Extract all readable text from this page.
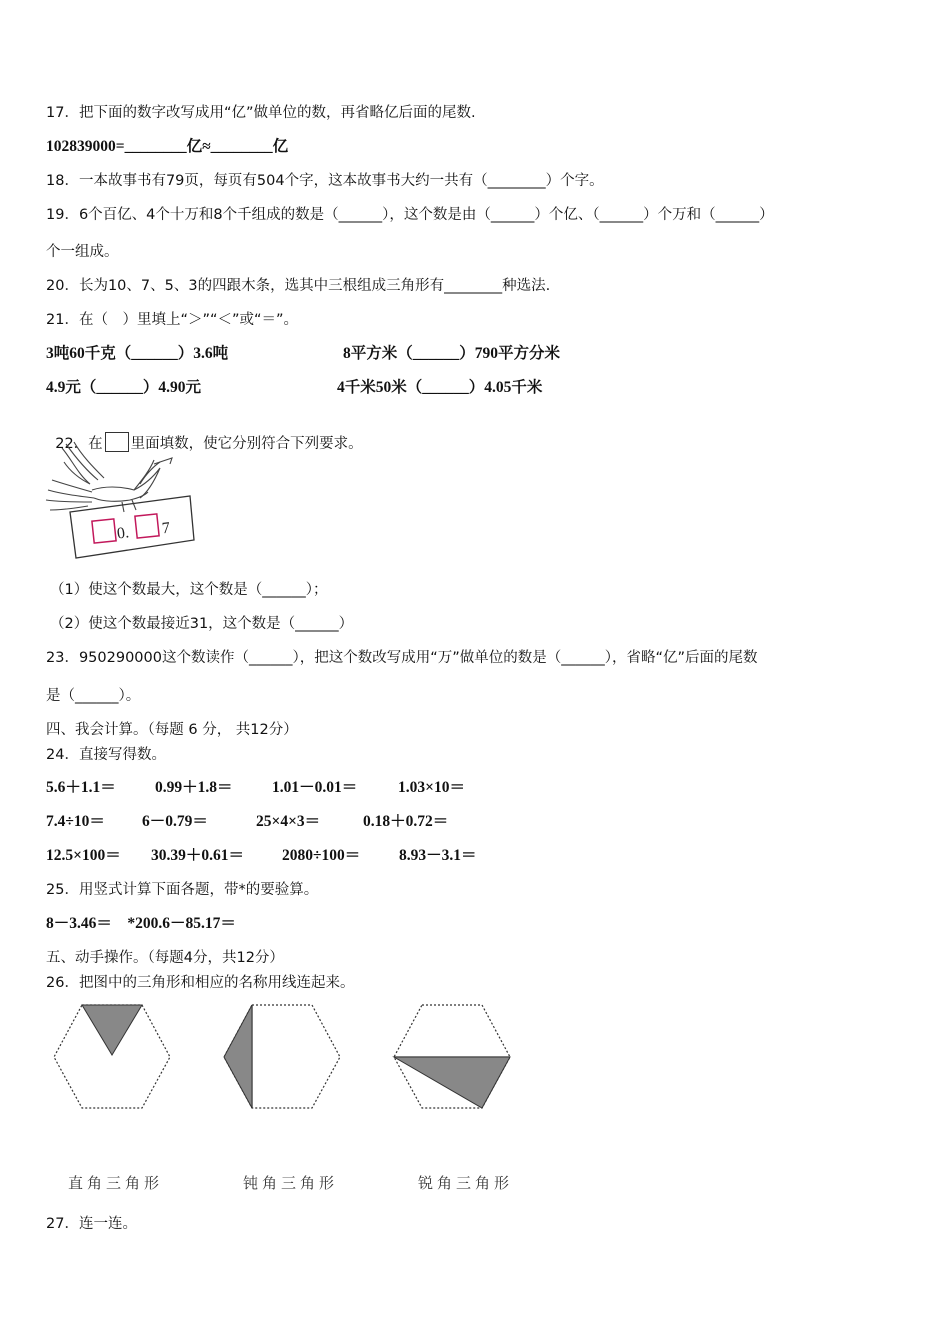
17．把下面的数字改写成用“亿”做单位的数，再省略亿后面的尾数.
102839000=________亿≈________亿
18．一本故事书有79页，每页有504个字，这本故事书大约一共有（________）个字。
19．6个百亿、4个十万和8个千组成的数是（______），这个数是由（______）个亿、（______）个万和（______）
个一组成。
20．长为10、7、5、3的四跟木条，选其中三根组成三角形有________种选法.
21．在（　）里填上“＞”“＜”或“＝”。
3吨60千克（______）3.6吨	8平方米（______）790平方分米
4.9元（______）4.90元	4千米50米（______）4.05千米

22．在 里面填数，使它分别符合下列要求。

0. 7
（1）使这个数最大，这个数是（______）；
（2）使这个数最接近31，这个数是（______）
23．950290000这个数读作（______），把这个数改写成用“万”做单位的数是（______），省略“亿”后面的尾数
是（______）。
四、我会计算。（每题 6 分， 共12分）
24．直接写得数。
5.6＋1.1＝	0.99＋1.8＝	1.01－0.01＝	1.03×10＝
7.4÷10＝ 6－0.79＝	25×4×3＝	0.18＋0.72＝
12.5×100＝ 30.39＋0.61＝ 2080÷100＝ 8.93－3.1＝
25．用竖式计算下面各题，带*的要验算。
8－3.46＝　*200.6－85.17＝
五、动手操作。（每题4分，共12分）
26．把图中的三角形和相应的名称用线连起来。
直角三角形	钝角三角形	锐角三角形
27．连一连。
